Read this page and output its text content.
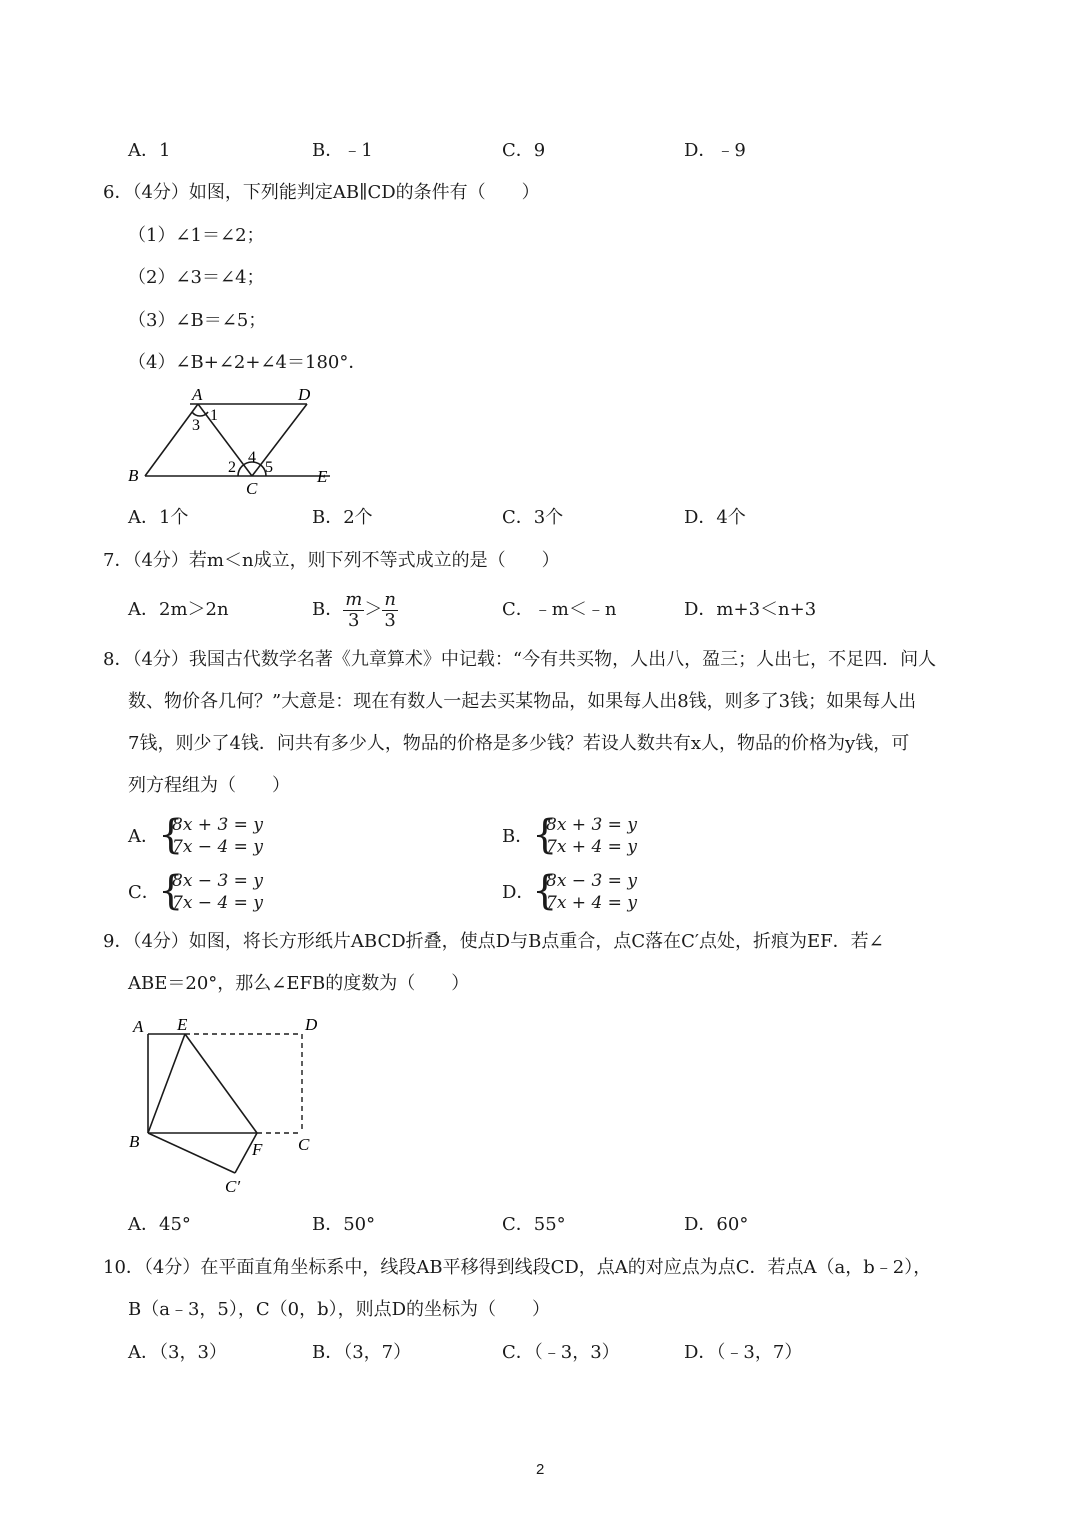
A．1	B．﹣1	C．9	D．﹣9
6．（4分）如图，下列能判定AB∥CD的条件有（　　）
（1）∠1＝∠2；
（2）∠3＝∠4；
（3）∠B＝∠5；
（4）∠B+∠2+∠4＝180°．
A	D
B
C
E
1
3
2
4
5
A．1个	B．2个	C．3个	D．4个
7．（4分）若m＜n成立，则下列不等式成立的是（　　）
A．2m＞2n	B． $\frac{m}{3} > \frac{n}{3}$	C．﹣m＜﹣n	D．m+3＜n+3
8．（4分）我国古代数学名著《九章算术》中记载：“今有共买物，人出八，盈三；人出七，不足四．问人
数、物价各几何？”大意是：现在有数人一起去买某物品，如果每人出8钱，则多了3钱；如果每人出
7钱，则少了4钱．问共有多少人，物品的价格是多少钱？若设人数共有x人，物品的价格为y钱，可
列方程组为（　　）
A． {
8x + 3 = y
7x − 4 = y	B．
{
8x + 3 = y
7x + 4 = y
C．
{
8x − 3 = y
7x − 4 = y	D．
{
8x − 3 = y
7x + 4 = y
9．（4分）如图，将长方形纸片ABCD折叠，使点D与B点重合，点C落在C′点处，折痕为EF．若∠
ABE＝20°，那么∠EFB的度数为（　　）
A E	D
B	F C
C′
A．45°	B．50°	C．55°	D．60°
10．（4分）在平面直角坐标系中，线段AB平移得到线段CD，点A的对应点为点C．若点A（a，b﹣2），
B（a﹣3，5），C（0，b），则点D的坐标为（　　）
A．（3，3）	B．（3，7）	C．（﹣3，3）	D．（﹣3，7）
2
